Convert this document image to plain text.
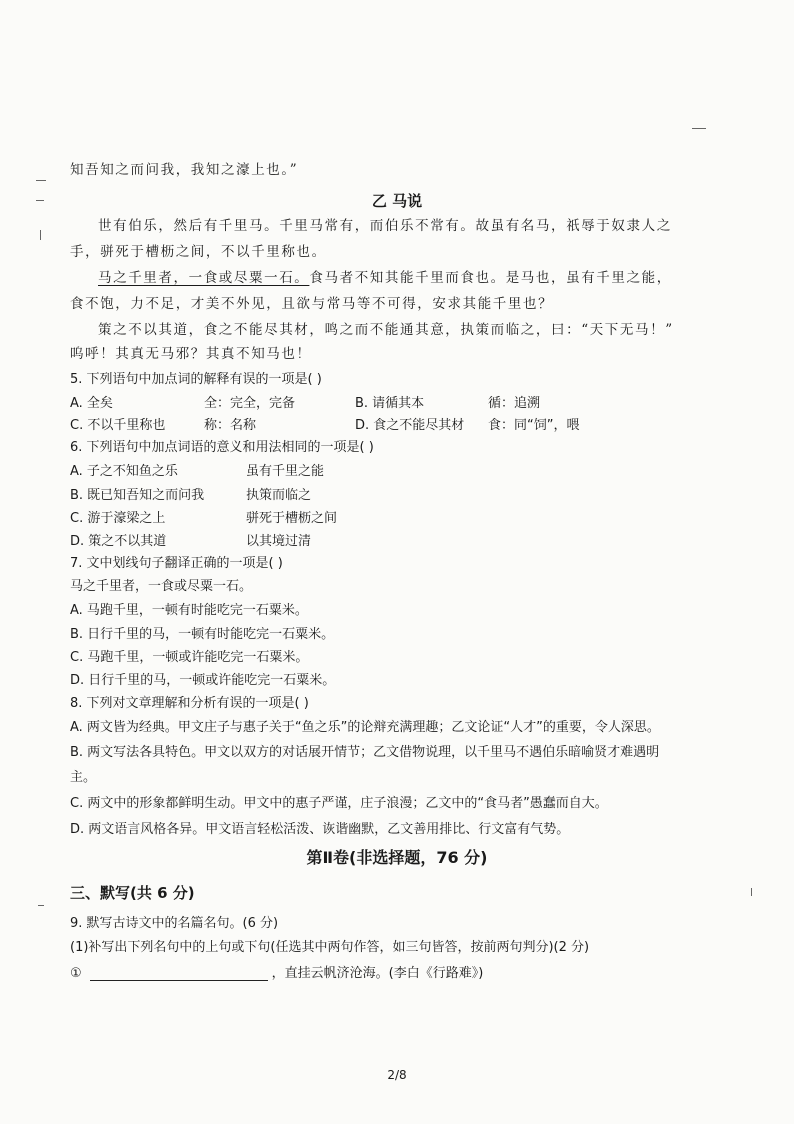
知吾知之而问我，我知之濠上也。”
乙 马说
世有伯乐，然后有千里马。千里马常有，而伯乐不常有。故虽有名马，祇辱于奴隶人之
手，骈死于槽枥之间，不以千里称也。
马之千里者，一食或尽粟一石。食马者不知其能千里而食也。是马也，虽有千里之能，
食不饱，力不足，才美不外见，且欲与常马等不可得，安求其能千里也？
策之不以其道，食之不能尽其材，鸣之而不能通其意，执策而临之，曰：“天下无马！”
呜呼！其真无马邪？其真不知马也！
5. 下列语句中加点词的解释有误的一项是( )
A. 全矣	全：完全，完备	B. 请循其本	循：追溯
C. 不以千里称也	称：名称	D. 食之不能尽其材 食：同“饲”，喂
6. 下列语句中加点词语的意义和用法相同的一项是( )
A. 子之不知鱼之乐	虽有千里之能
B. 既已知吾知之而问我	执策而临之
C. 游于濠梁之上	骈死于槽枥之间
D. 策之不以其道	以其境过清
7. 文中划线句子翻译正确的一项是( )
马之千里者，一食或尽粟一石。
A. 马跑千里，一顿有时能吃完一石粟米。
B. 日行千里的马，一顿有时能吃完一石粟米。
C. 马跑千里，一顿或许能吃完一石粟米。
D. 日行千里的马，一顿或许能吃完一石粟米。
8. 下列对文章理解和分析有误的一项是( )
A. 两文皆为经典。甲文庄子与惠子关于“鱼之乐”的论辩充满理趣；乙文论证“人才”的重要，令人深思。
B. 两文写法各具特色。甲文以双方的对话展开情节；乙文借物说理，以千里马不遇伯乐暗喻贤才难遇明
主。
C. 两文中的形象都鲜明生动。甲文中的惠子严谨，庄子浪漫；乙文中的“食马者”愚蠢而自大。
D. 两文语言风格各异。甲文语言轻松活泼、诙谐幽默，乙文善用排比、行文富有气势。
第Ⅱ卷(非选择题，76 分)
三、默写(共 6 分)
9. 默写古诗文中的名篇名句。(6 分)
(1)补写出下列名句中的上句或下句(任选其中两句作答，如三句皆答，按前两句判分)(2 分)
①	，直挂云帆济沧海。(李白《行路难》)
2/8
